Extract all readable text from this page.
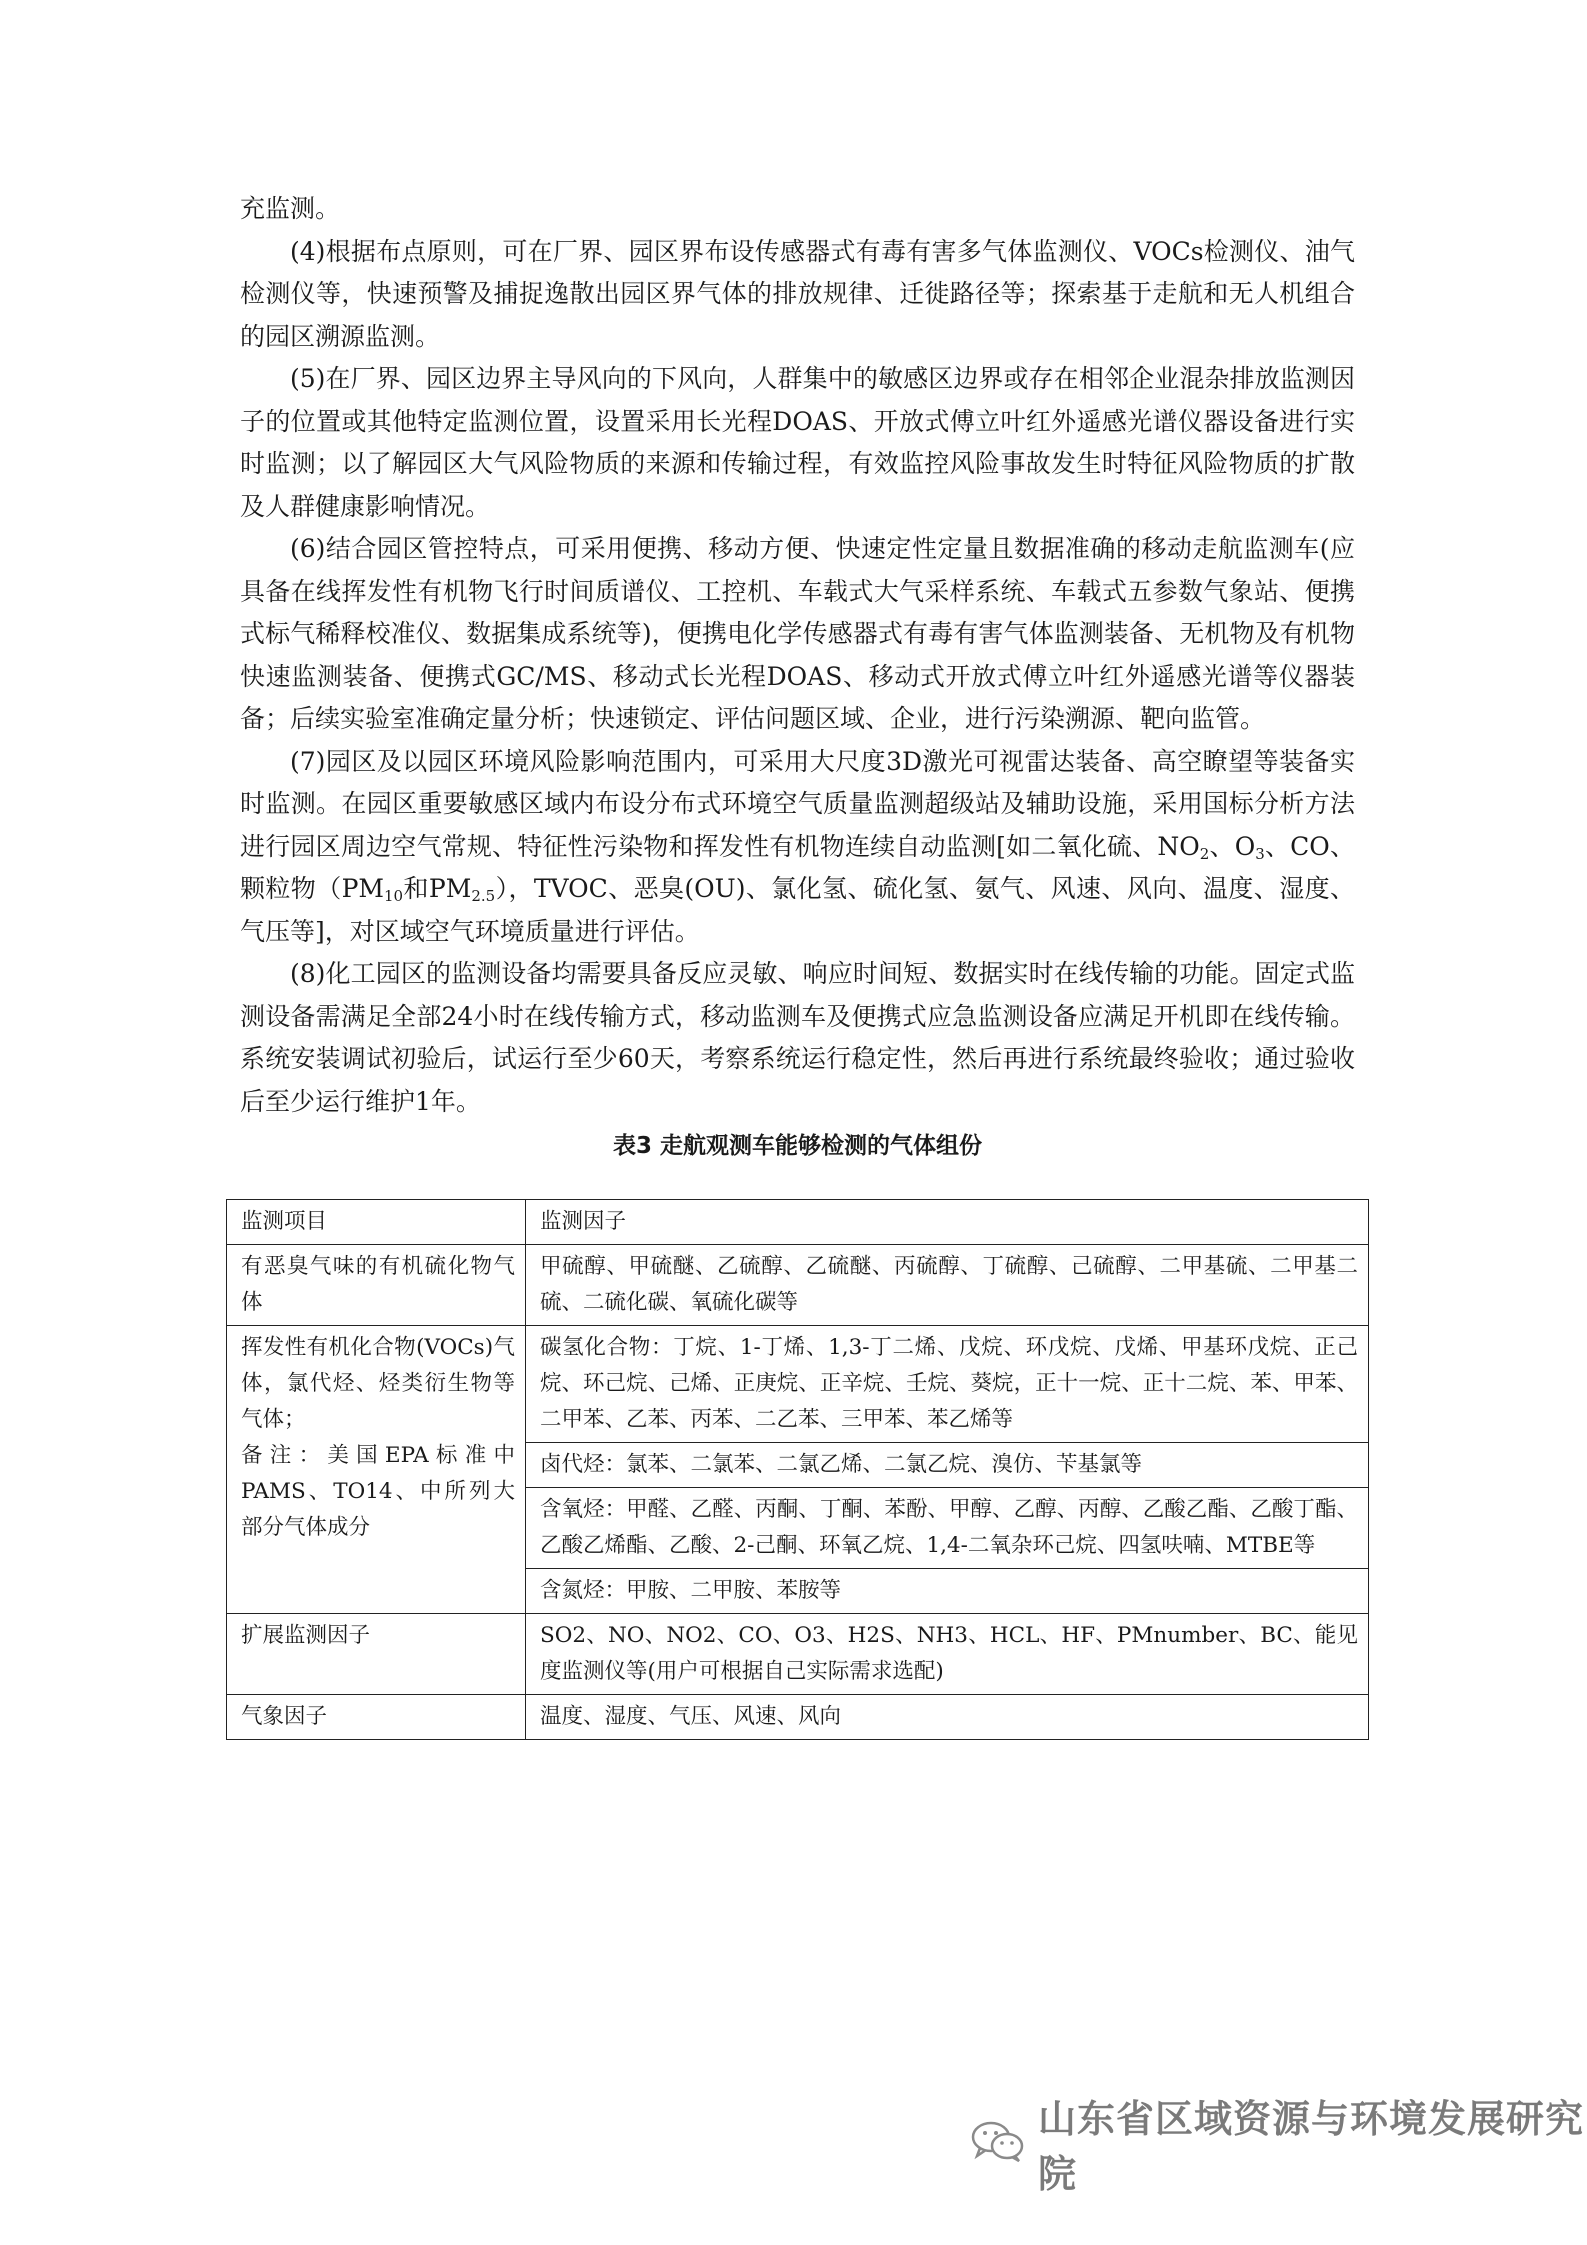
充监测。

(4)根据布点原则，可在厂界、园区界布设传感器式有毒有害多气体监测仪、VOCs检测仪、油气检测仪等，快速预警及捕捉逸散出园区界气体的排放规律、迁徙路径等；探索基于走航和无人机组合的园区溯源监测。

(5)在厂界、园区边界主导风向的下风向，人群集中的敏感区边界或存在相邻企业混杂排放监测因子的位置或其他特定监测位置，设置采用长光程DOAS、开放式傅立叶红外遥感光谱仪器设备进行实时监测；以了解园区大气风险物质的来源和传输过程，有效监控风险事故发生时特征风险物质的扩散及人群健康影响情况。

(6)结合园区管控特点，可采用便携、移动方便、快速定性定量且数据准确的移动走航监测车(应具备在线挥发性有机物飞行时间质谱仪、工控机、车载式大气采样系统、车载式五参数气象站、便携式标气稀释校准仪、数据集成系统等)，便携电化学传感器式有毒有害气体监测装备、无机物及有机物快速监测装备、便携式GC/MS、移动式长光程DOAS、移动式开放式傅立叶红外遥感光谱等仪器装备；后续实验室准确定量分析；快速锁定、评估问题区域、企业，进行污染溯源、靶向监管。

(7)园区及以园区环境风险影响范围内，可采用大尺度3D激光可视雷达装备、高空瞭望等装备实时监测。在园区重要敏感区域内布设分布式环境空气质量监测超级站及辅助设施，采用国标分析方法进行园区周边空气常规、特征性污染物和挥发性有机物连续自动监测[如二氧化硫、$NO_2$、$O_3$、CO、颗粒物（$PM_{10}$和$PM_{2.5}$），TVOC、恶臭(OU)、氯化氢、硫化氢、氨气、风速、风向、温度、湿度、气压等]，对区域空气环境质量进行评估。

(8)化工园区的监测设备均需要具备反应灵敏、响应时间短、数据实时在线传输的功能。固定式监测设备需满足全部24小时在线传输方式，移动监测车及便携式应急监测设备应满足开机即在线传输。系统安装调试初验后，试运行至少60天，考察系统运行稳定性，然后再进行系统最终验收；通过验收后至少运行维护1年。

表3 走航观测车能够检测的气体组份
监测项目	监测因子
有恶臭气味的有机硫化物气体	甲硫醇、甲硫醚、乙硫醇、乙硫醚、丙硫醇、丁硫醇、己硫醇、二甲基硫、二甲基二硫、二硫化碳、氧硫化碳等
挥发性有机化合物(VOCs)气体，氯代烃、烃类衍生物等气体；
备注：美国EPA标准中PAMS、TO14、中所列大部分气体成分	碳氢化合物：丁烷、1-丁烯、1,3-丁二烯、戊烷、环戊烷、戊烯、甲基环戊烷、正己烷、环己烷、己烯、正庚烷、正辛烷、壬烷、葵烷，正十一烷、正十二烷、苯、甲苯、二甲苯、乙苯、丙苯、二乙苯、三甲苯、苯乙烯等
	卤代烃：氯苯、二氯苯、二氯乙烯、二氯乙烷、溴仿、苄基氯等
	含氧烃：甲醛、乙醛、丙酮、丁酮、苯酚、甲醇、乙醇、丙醇、乙酸乙酯、乙酸丁酯、乙酸乙烯酯、乙酸、2-己酮、环氧乙烷、1,4-二氧杂环己烷、四氢呋喃、MTBE等
	含氮烃：甲胺、二甲胺、苯胺等
扩展监测因子	SO2、NO、NO2、CO、O3、H2S、NH3、HCL、HF、PMnumber、BC、能见度监测仪等(用户可根据自己实际需求选配)
气象因子	温度、湿度、气压、风速、风向
山东省区域资源与环境发展研究院
